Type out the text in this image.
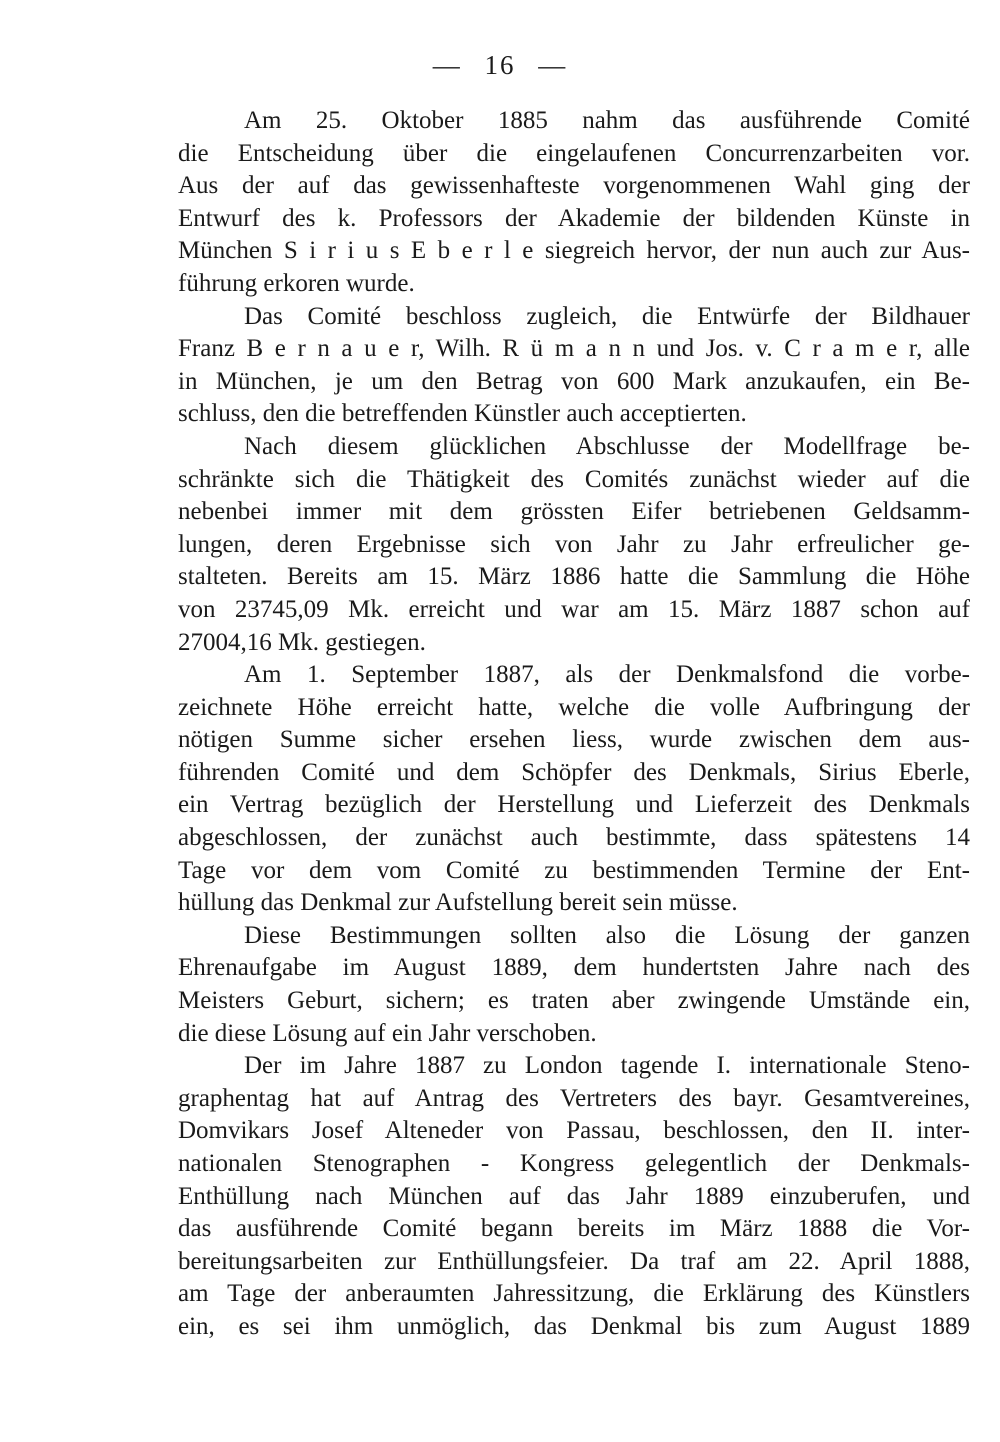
— 16 —
Am 25. Oktober 1885 nahm das ausführende Comité
die Entscheidung über die eingelaufenen Concurrenzarbeiten vor.
Aus der auf das gewissenhafteste vorgenommenen Wahl ging der
Entwurf des k. Professors der Akademie der bildenden Künste in
München S i r i u s E b e r l e siegreich hervor, der nun auch zur Aus-
führung erkoren wurde.
Das Comité beschloss zugleich, die Entwürfe der Bildhauer
Franz B e r n a u e r, Wilh. R ü m a n n und Jos. v. C r a m e r, alle
in München, je um den Betrag von 600 Mark anzukaufen, ein Be-
schluss, den die betreffenden Künstler auch acceptierten.
Nach diesem glücklichen Abschlusse der Modellfrage be-
schränkte sich die Thätigkeit des Comités zunächst wieder auf die
nebenbei immer mit dem grössten Eifer betriebenen Geldsamm-
lungen, deren Ergebnisse sich von Jahr zu Jahr erfreulicher ge-
stalteten. Bereits am 15. März 1886 hatte die Sammlung die Höhe
von 23745,09 Mk. erreicht und war am 15. März 1887 schon auf
27004,16 Mk. gestiegen.
Am 1. September 1887, als der Denkmalsfond die vorbe-
zeichnete Höhe erreicht hatte, welche die volle Aufbringung der
nötigen Summe sicher ersehen liess, wurde zwischen dem aus-
führenden Comité und dem Schöpfer des Denkmals, Sirius Eberle,
ein Vertrag bezüglich der Herstellung und Lieferzeit des Denkmals
abgeschlossen, der zunächst auch bestimmte, dass spätestens 14
Tage vor dem vom Comité zu bestimmenden Termine der Ent-
hüllung das Denkmal zur Aufstellung bereit sein müsse.
Diese Bestimmungen sollten also die Lösung der ganzen
Ehrenaufgabe im August 1889, dem hundertsten Jahre nach des
Meisters Geburt, sichern; es traten aber zwingende Umstände ein,
die diese Lösung auf ein Jahr verschoben.
Der im Jahre 1887 zu London tagende I. internationale Steno-
graphentag hat auf Antrag des Vertreters des bayr. Gesamtvereines,
Domvikars Josef Alteneder von Passau, beschlossen, den II. inter-
nationalen Stenographen - Kongress gelegentlich der Denkmals-
Enthüllung nach München auf das Jahr 1889 einzuberufen, und
das ausführende Comité begann bereits im März 1888 die Vor-
bereitungsarbeiten zur Enthüllungsfeier. Da traf am 22. April 1888,
am Tage der anberaumten Jahressitzung, die Erklärung des Künstlers
ein, es sei ihm unmöglich, das Denkmal bis zum August 1889
